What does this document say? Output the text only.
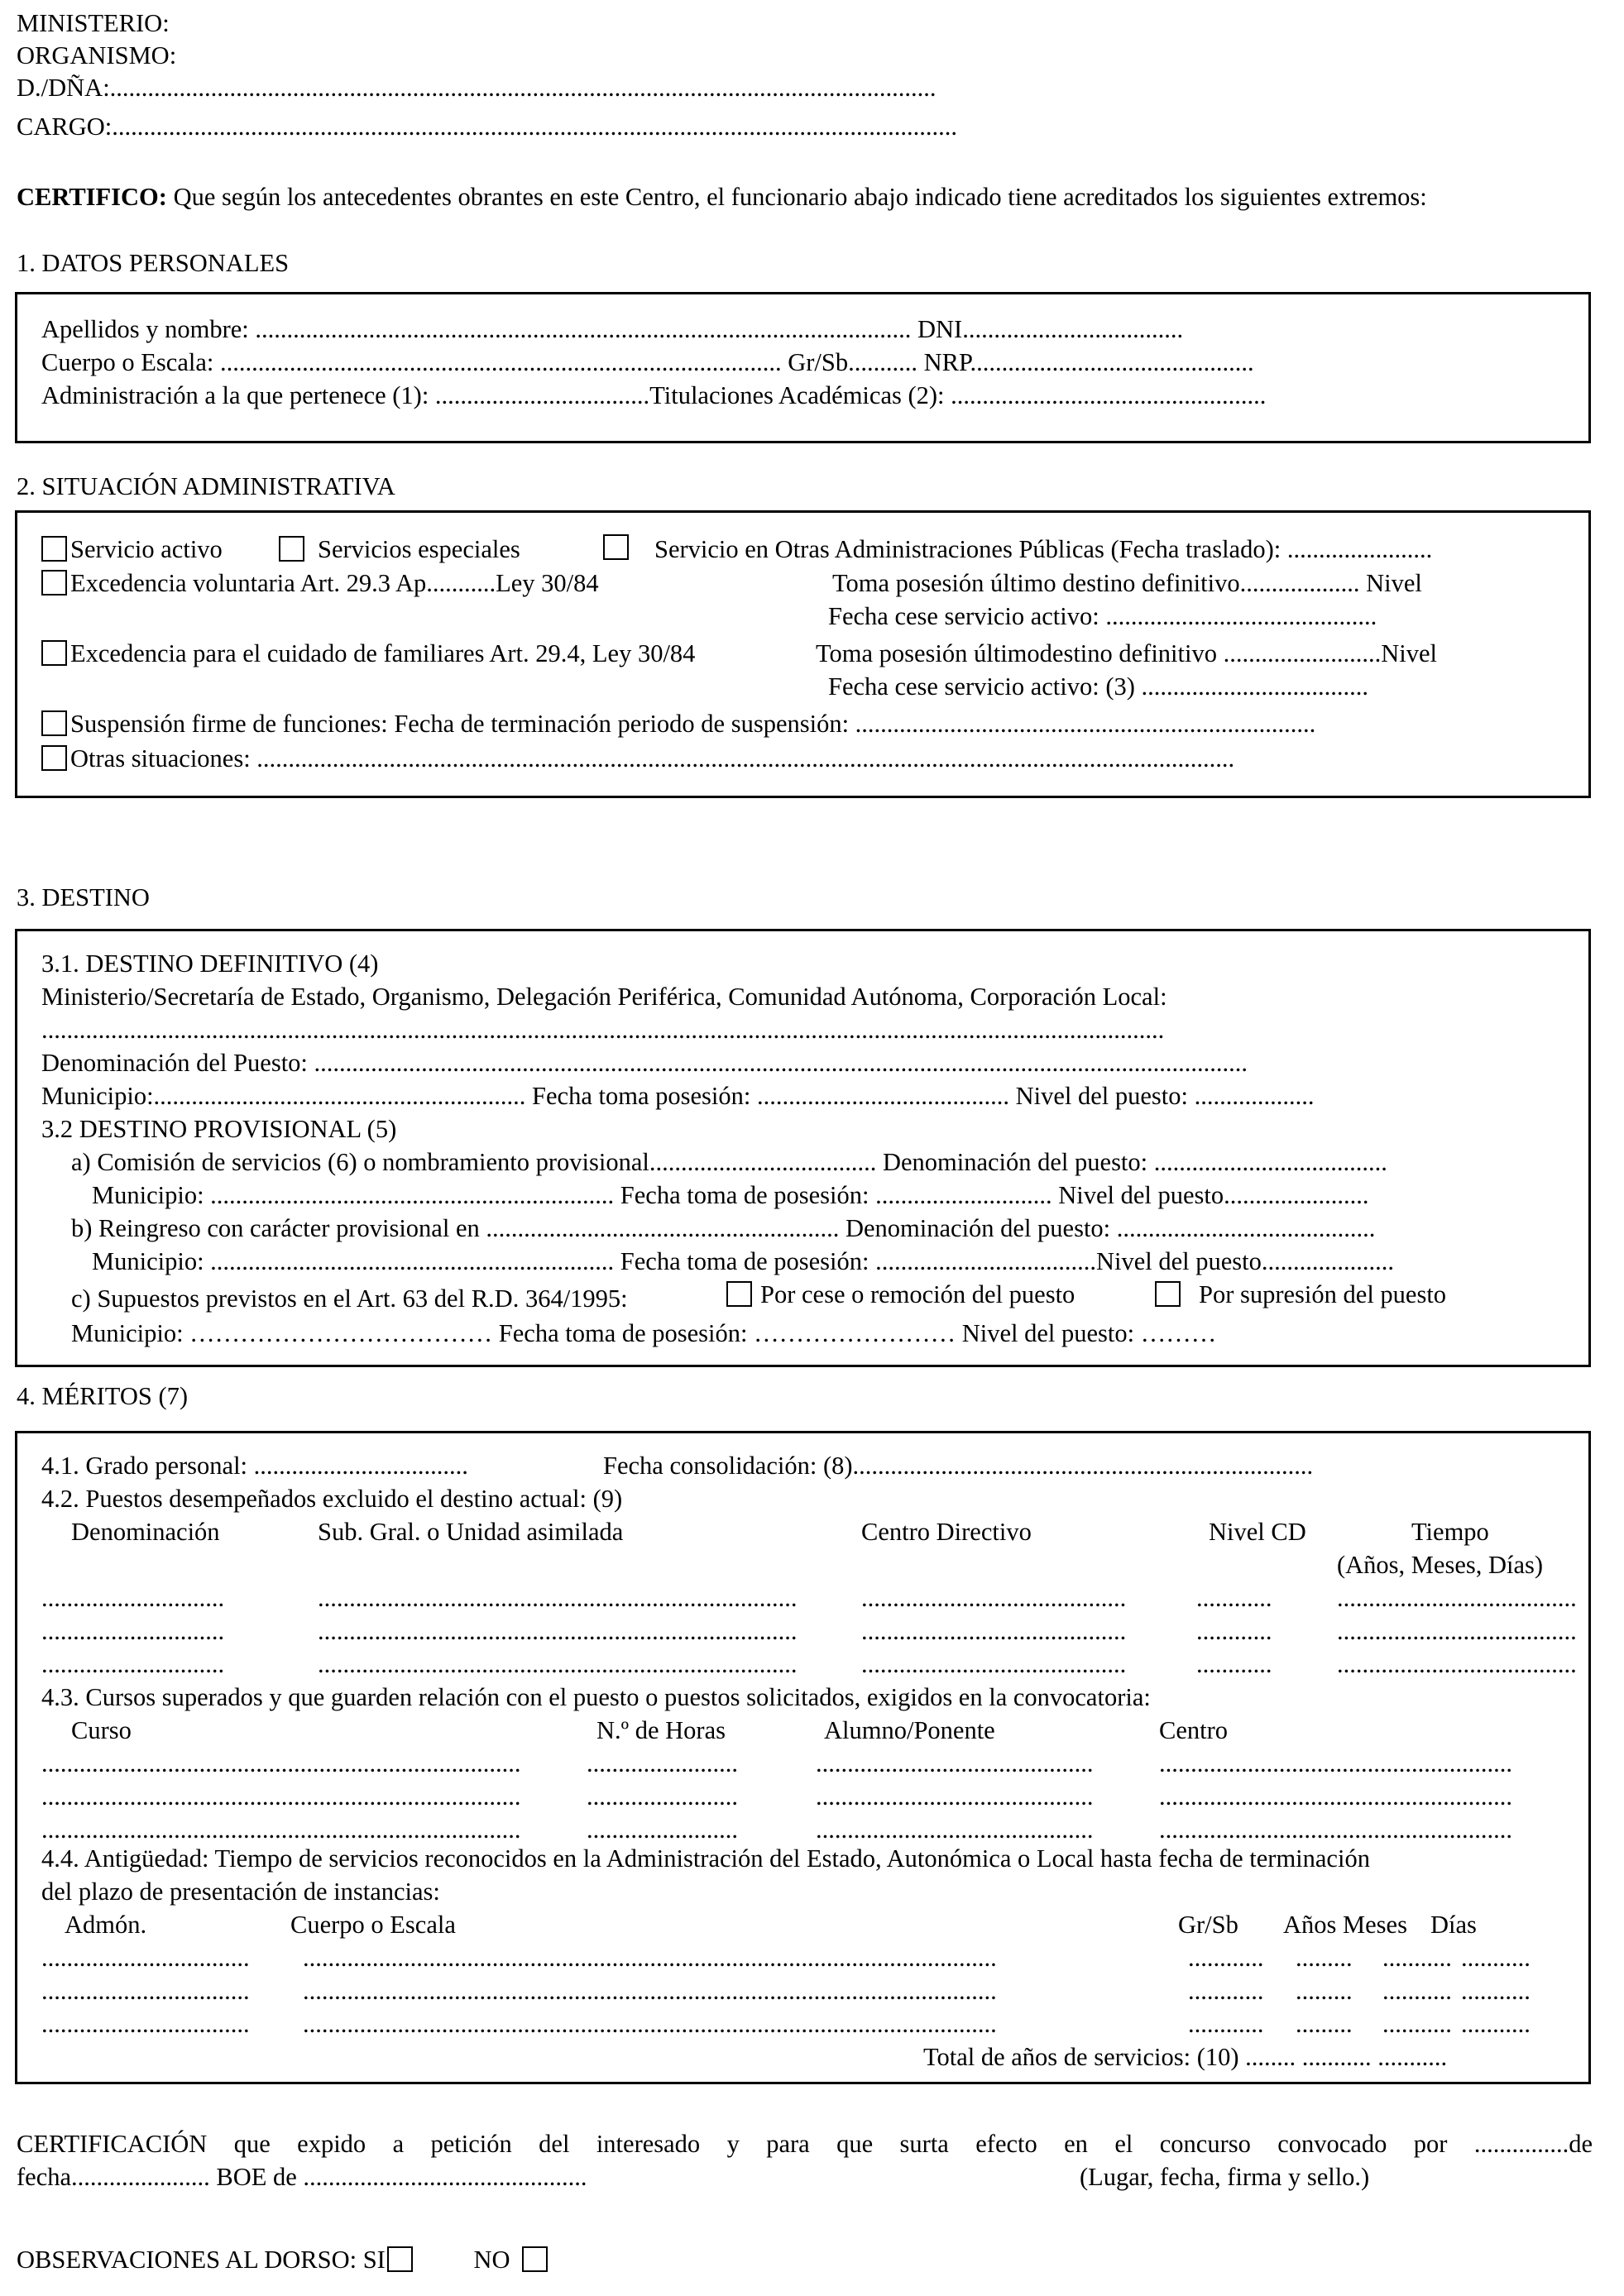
MINISTERIO:
ORGANISMO:
D./DÑA:...................................................................................................................................
CARGO:......................................................................................................................................
CERTIFICO: Que según los antecedentes obrantes en este Centro, el funcionario abajo indicado tiene acreditados los siguientes extremos:
1. DATOS PERSONALES
Apellidos y nombre: ........................................................................................................ DNI...................................
Cuerpo o Escala: ......................................................................................... Gr/Sb........... NRP.............................................
Administración a la que pertenece (1): ..................................Titulaciones Académicas (2): ..................................................
2. SITUACIÓN ADMINISTRATIVA
Servicio activo	Servicios especiales	Servicio en Otras Administraciones Públicas (Fecha traslado): .......................
Excedencia voluntaria Art. 29.3 Ap...........Ley 30/84	Toma posesión último destino definitivo................... Nivel
Fecha cese servicio activo: ...........................................
Excedencia para el cuidado de familiares Art. 29.4, Ley 30/84	Toma posesión últimodestino definitivo .........................Nivel
Fecha cese servicio activo: (3) ....................................
Suspensión firme de funciones: Fecha de terminación periodo de suspensión: .........................................................................
Otras situaciones: ...........................................................................................................................................................
3. DESTINO
3.1. DESTINO DEFINITIVO (4)
Ministerio/Secretaría de Estado, Organismo, Delegación Periférica, Comunidad Autónoma, Corporación Local:
..................................................................................................................................................................................
Denominación del Puesto: ....................................................................................................................................................
Municipio:........................................................... Fecha toma posesión: ........................................ Nivel del puesto: ...................
3.2 DESTINO PROVISIONAL (5)
a) Comisión de servicios (6) o nombramiento provisional.................................... Denominación del puesto: .....................................
Municipio: ................................................................ Fecha toma de posesión: ............................ Nivel del puesto.......................
b) Reingreso con carácter provisional en ........................................................ Denominación del puesto: .........................................
Municipio: ................................................................ Fecha toma de posesión: ...................................Nivel del puesto.....................
c) Supuestos previstos en el Art. 63 del R.D. 364/1995:	Por cese o remoción del puesto	Por supresión del puesto
Municipio: ……………………………… Fecha toma de posesión: …………………… Nivel del puesto: ………
4. MÉRITOS (7)
4.1. Grado personal: ..................................	Fecha consolidación: (8).........................................................................
4.2. Puestos desempeñados excluido el destino actual: (9)
Denominación	Sub. Gral. o Unidad asimilada	Centro Directivo	Nivel CD	Tiempo
(Años, Meses, Días)
.............................	............................................................................	..........................................	............	......................................
.............................	............................................................................	..........................................	............	......................................
.............................	............................................................................	..........................................	............	......................................
4.3. Cursos superados y que guarden relación con el puesto o puestos solicitados, exigidos en la convocatoria:
Curso	N.º de Horas	Alumno/Ponente	Centro
............................................................................	........................	............................................	........................................................
............................................................................	........................	............................................	........................................................
............................................................................	........................	............................................	........................................................
4.4. Antigüedad: Tiempo de servicios reconocidos en la Administración del Estado, Autonómica o Local hasta fecha de terminación
del plazo de presentación de instancias:
Admón.	Cuerpo o Escala	Gr/Sb Años Meses Días
................................. ..............................................................................................................	............ ......... ........... ...........
................................. ..............................................................................................................	............ ......... ........... ...........
................................. ..............................................................................................................	............ ......... ........... ...........
Total de años de servicios: (10) ........ ........... ...........
CERTIFICACIÓN que expido a petición del interesado y para que surta efecto en el concurso convocado por ...............de
fecha...................... BOE de .............................................	(Lugar, fecha, firma y sello.)
OBSERVACIONES AL DORSO: SI	NO
